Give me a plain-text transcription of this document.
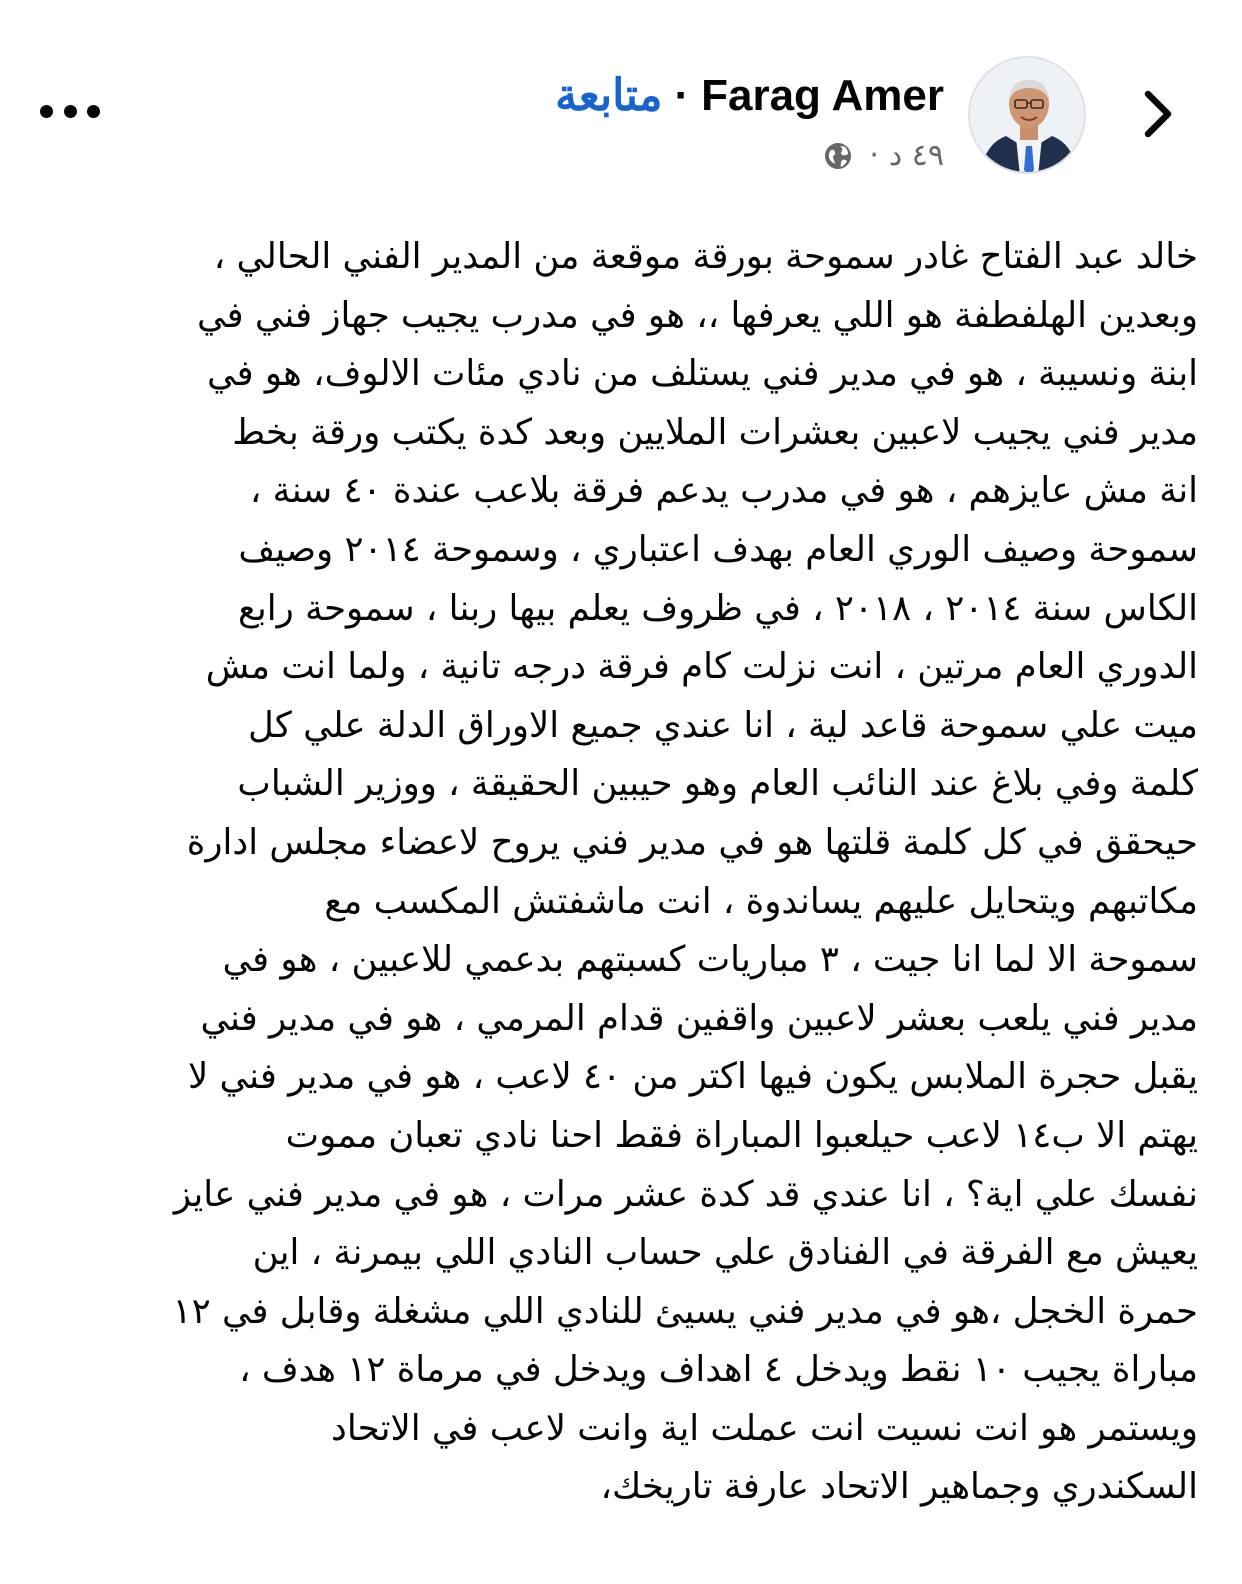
Farag Amer
·
متابعة
٤٩ د
·
خالد عبد الفتاح غادر سموحة بورقة موقعة من المدير الفني الحالي ،
وبعدين الهلفطفة هو اللي يعرفها ،، هو في مدرب يجيب جهاز فني في
ابنة ونسيبة ، هو في مدير فني يستلف من نادي مئات الالوف، هو في
مدير فني يجيب لاعبين بعشرات الملايين وبعد كدة يكتب ورقة بخط
انة مش عايزهم ، هو في مدرب يدعم فرقة بلاعب عندة ٤٠ سنة ،
سموحة وصيف الوري العام بهدف اعتباري ، وسموحة ٢٠١٤ وصيف
الكاس سنة ٢٠١٤ ، ٢٠١٨ ، في ظروف يعلم بيها ربنا ، سموحة رابع
الدوري العام مرتين ، انت نزلت كام فرقة درجه تانية ، ولما انت مش
ميت علي سموحة قاعد لية ، انا عندي جميع الاوراق الدلة علي كل
كلمة وفي بلاغ عند النائب العام وهو حيبين الحقيقة ، ووزير الشباب
حيحقق في كل كلمة قلتها هو في مدير فني يروح لاعضاء مجلس ادارة
مكاتبهم ويتحايل عليهم يساندوة ، انت ماشفتش المكسب مع
سموحة الا لما انا جيت ، ٣ مباريات كسبتهم بدعمي للاعبين ، هو في
مدير فني يلعب بعشر لاعبين واقفين قدام المرمي ، هو في مدير فني
يقبل حجرة الملابس يكون فيها اكتر من ٤٠ لاعب ، هو في مدير فني لا
يهتم الا ب١٤ لاعب حيلعبوا المباراة فقط احنا نادي تعبان مموت
نفسك علي اية؟ ، انا عندي قد كدة عشر مرات ، هو في مدير فني عايز
يعيش مع الفرقة في الفنادق علي حساب النادي اللي بيمرنة ، اين
حمرة الخجل ،هو في مدير فني يسيئ للنادي اللي مشغلة وقابل في ١٢
مباراة يجيب ١٠ نقط ويدخل ٤ اهداف ويدخل في مرماة ١٢ هدف ،
ويستمر هو انت نسيت انت عملت اية وانت لاعب في الاتحاد
السكندري وجماهير الاتحاد عارفة تاريخك،
